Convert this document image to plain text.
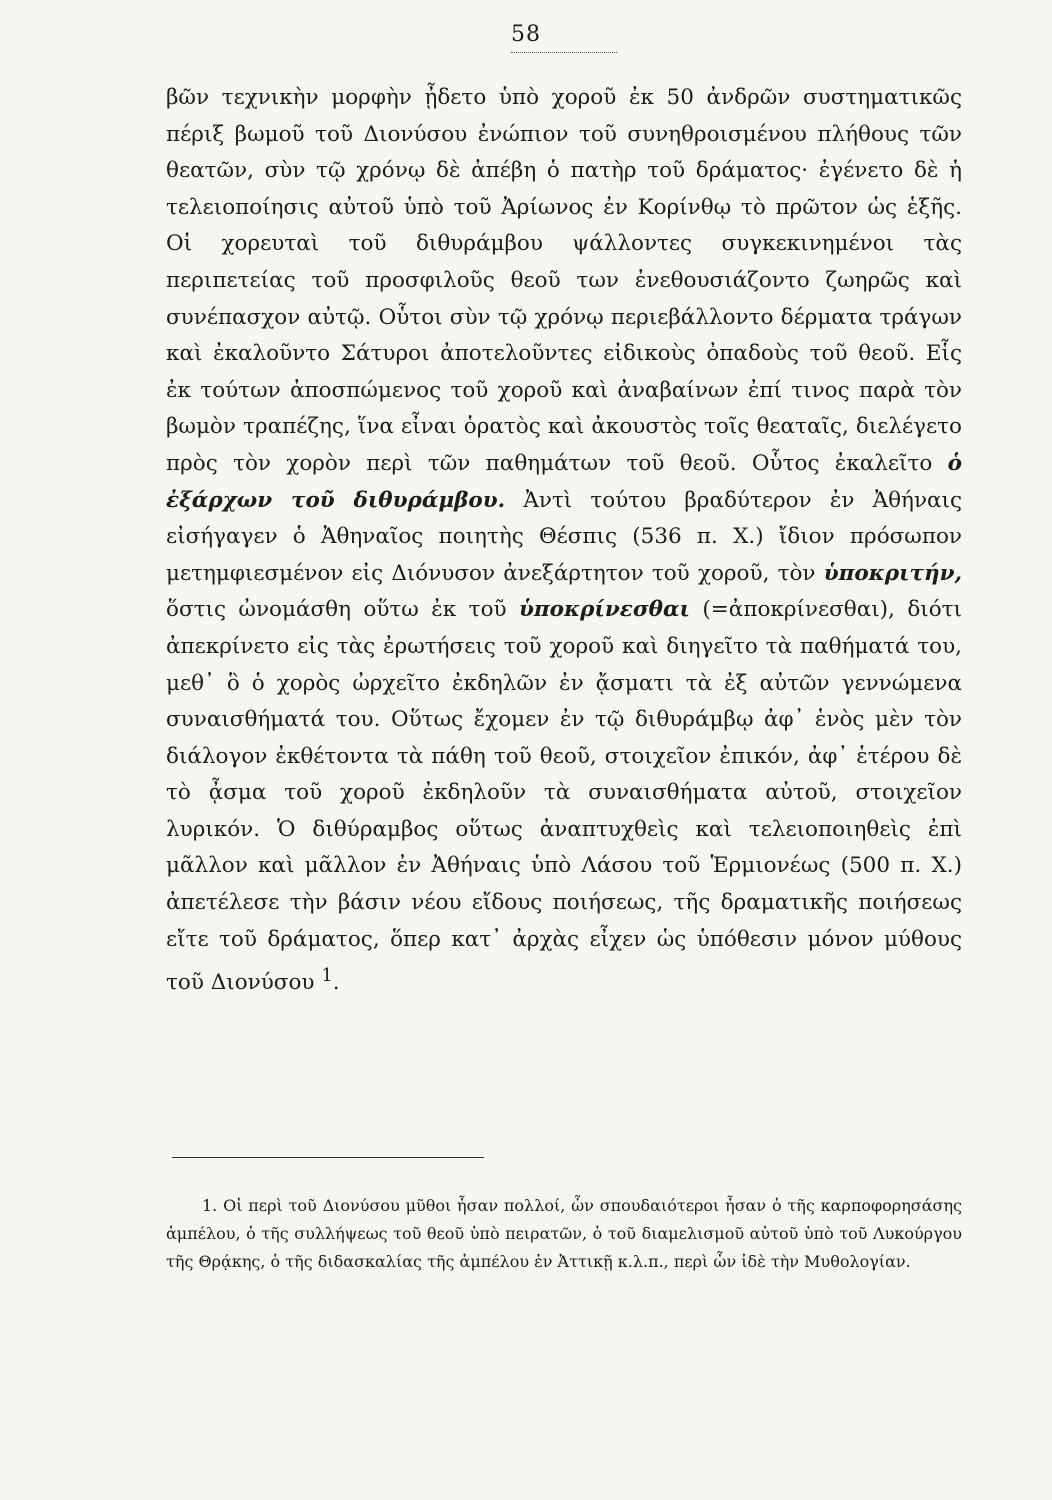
58

βῶν τεχνικὴν μορφὴν ᾖδετο ὑπὸ χοροῦ ἐκ 50 ἀνδρῶν συστηματικῶς πέριξ βωμοῦ τοῦ Διονύσου ἐνώπιον τοῦ συνηθροισμένου πλήθους τῶν θεατῶν, σὺν τῷ χρόνῳ δὲ ἀπέβη ὁ πατὴρ τοῦ δράματος· ἐγένετο δὲ ἡ τελειοποίησις αὐτοῦ ὑπὸ τοῦ Ἀρίωνος ἐν Κορίνθῳ τὸ πρῶτον ὡς ἑξῆς. Οἱ χορευταὶ τοῦ διθυράμβου ψάλλοντες συγκεκινημένοι τὰς περιπετείας τοῦ προσφιλοῦς θεοῦ των ἐνεθουσιάζοντο ζωηρῶς καὶ συνέπασχον αὐτῷ. Οὗτοι σὺν τῷ χρόνῳ περιεβάλλοντο δέρματα τράγων καὶ ἐκαλοῦντο Σάτυροι ἀποτελοῦντες εἰδικοὺς ὀπαδοὺς τοῦ θεοῦ. Εἷς ἐκ τούτων ἀποσπώμενος τοῦ χοροῦ καὶ ἀναβαίνων ἐπί τινος παρὰ τὸν βωμὸν τραπέζης, ἵνα εἶναι ὁρατὸς καὶ ἀκουστὸς τοῖς θεαταῖς, διελέγετο πρὸς τὸν χορὸν περὶ τῶν παθημάτων τοῦ θεοῦ. Οὗτος ἐκαλεῖτο ὁ ἐξάρχων τοῦ διθυράμβου. Ἀντὶ τούτου βραδύτερον ἐν Ἀθήναις εἰσήγαγεν ὁ Ἀθηναῖος ποιητὴς Θέσπις (536 π. Χ.) ἴδιον πρόσωπον μετημφιεσμένον εἰς Διόνυσον ἀνεξάρτητον τοῦ χοροῦ, τὸν ὑποκριτήν, ὅστις ὠνομάσθη οὕτω ἐκ τοῦ ὑποκρίνεσθαι (=ἀποκρίνεσθαι), διότι ἀπεκρίνετο εἰς τὰς ἐρωτήσεις τοῦ χοροῦ καὶ διηγεῖτο τὰ παθήματά του, μεθ᾽ ὃ ὁ χορὸς ὠρχεῖτο ἐκδηλῶν ἐν ᾄσματι τὰ ἐξ αὐτῶν γεννώμενα συναισθήματά του. Οὕτως ἔχομεν ἐν τῷ διθυράμβῳ ἀφ᾽ ἑνὸς μὲν τὸν διάλογον ἐκθέτοντα τὰ πάθη τοῦ θεοῦ, στοιχεῖον ἐπικόν, ἀφ᾽ ἑτέρου δὲ τὸ ᾆσμα τοῦ χοροῦ ἐκδηλοῦν τὰ συναισθήματα αὐτοῦ, στοιχεῖον λυρικόν. Ὁ διθύραμβος οὕτως ἀναπτυχθεὶς καὶ τελειοποιηθεὶς ἐπὶ μᾶλλον καὶ μᾶλλον ἐν Ἀθήναις ὑπὸ Λάσου τοῦ Ἑρμιονέως (500 π. Χ.) ἀπετέλεσε τὴν βάσιν νέου εἴδους ποιήσεως, τῆς δραματικῆς ποιήσεως εἴτε τοῦ δράματος, ὅπερ κατ᾽ ἀρχὰς εἶχεν ὡς ὑπόθεσιν μόνον μύθους τοῦ Διονύσου $^1$.

1. Οἱ περὶ τοῦ Διονύσου μῦθοι ἦσαν πολλοί, ὧν σπουδαιότεροι ἦσαν ὁ τῆς καρποφορησάσης ἀμπέλου, ὁ τῆς συλλήψεως τοῦ θεοῦ ὑπὸ πειρατῶν, ὁ τοῦ διαμελισμοῦ αὐτοῦ ὑπὸ τοῦ Λυκούργου τῆς Θρᾴκης, ὁ τῆς διδασκαλίας τῆς ἀμπέλου ἐν Ἀττικῇ κ.λ.π., περὶ ὧν ἰδὲ τὴν Μυθολογίαν.
